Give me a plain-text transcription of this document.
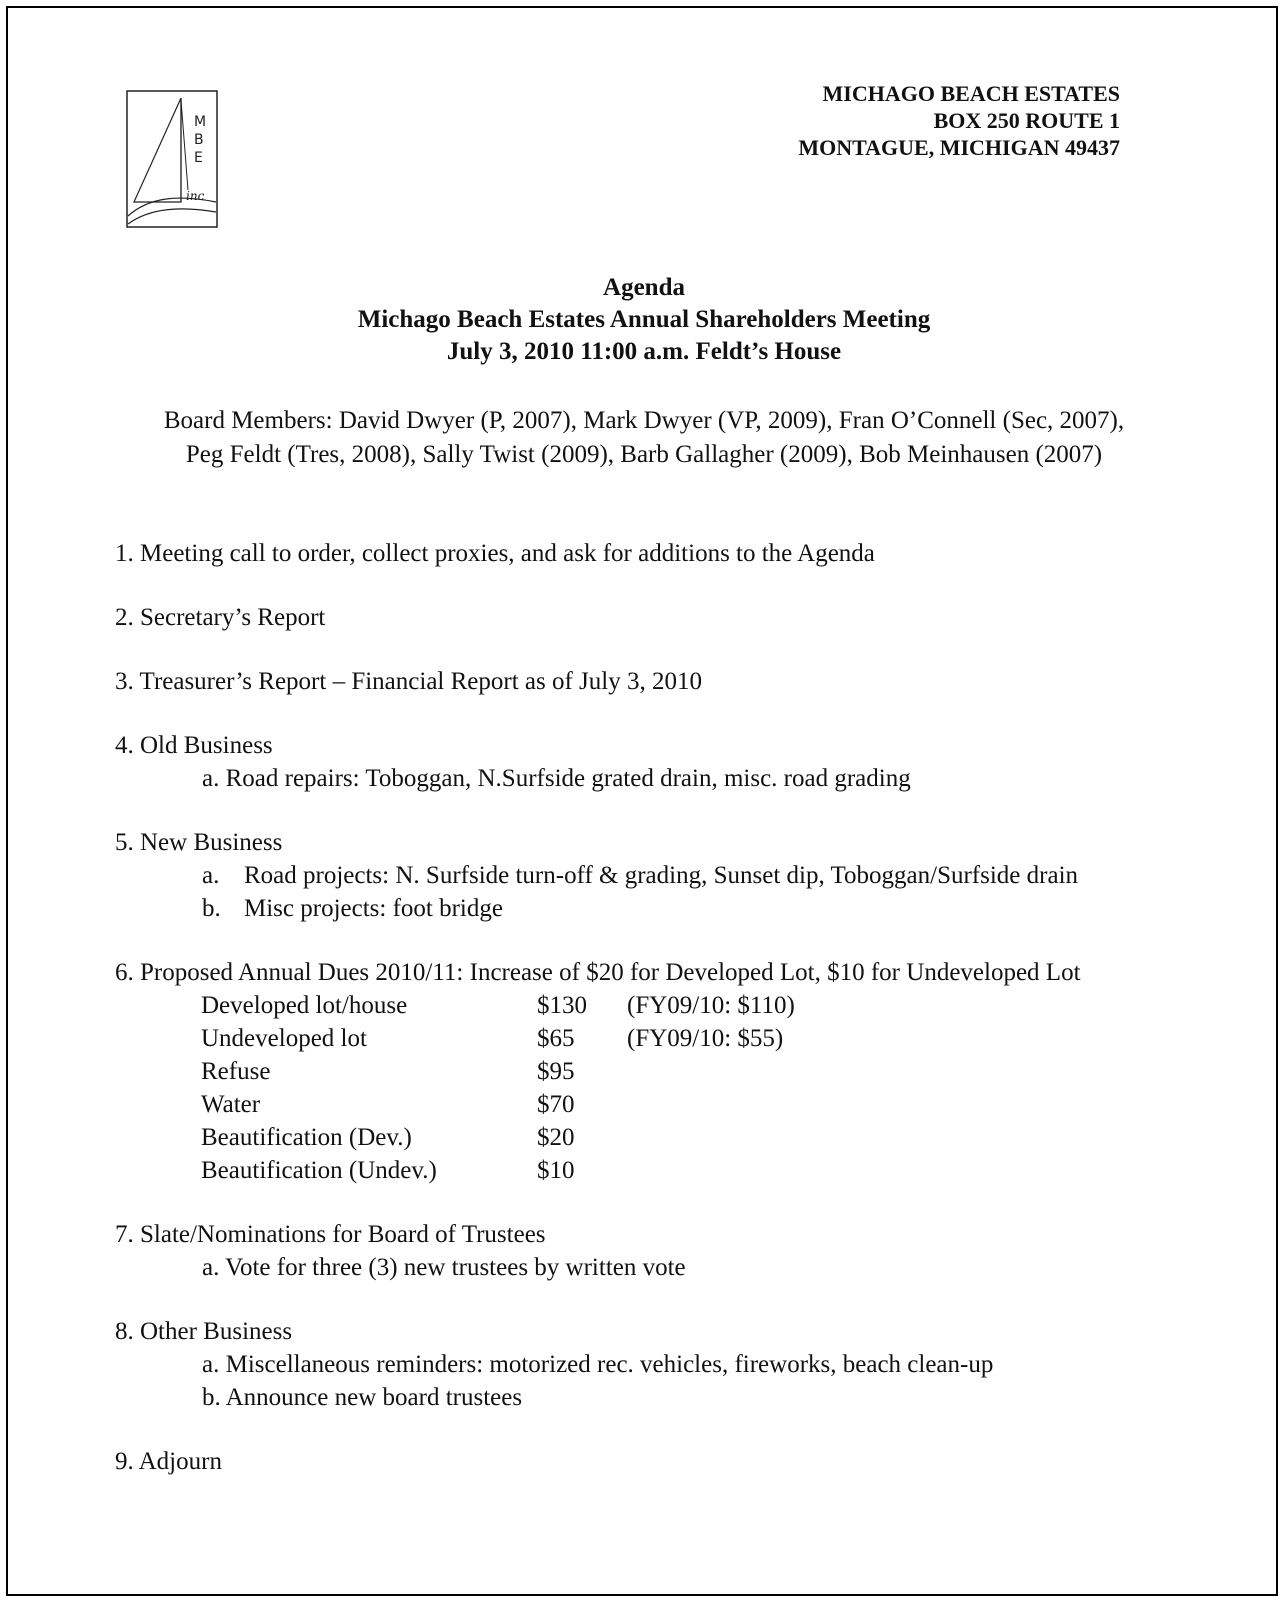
M
B
E
inc
MICHAGO BEACH ESTATES
BOX 250 ROUTE 1
MONTAGUE, MICHIGAN 49437
Agenda
Michago Beach Estates Annual Shareholders Meeting
July 3, 2010 11:00 a.m. Feldt’s House
Board Members: David Dwyer (P, 2007), Mark Dwyer (VP, 2009), Fran O’Connell (Sec, 2007),
Peg Feldt (Tres, 2008), Sally Twist (2009), Barb Gallagher (2009), Bob Meinhausen (2007)
1. Meeting call to order, collect proxies, and ask for additions to the Agenda
2. Secretary’s Report
3. Treasurer’s Report – Financial Report as of July 3, 2010
4. Old Business
a. Road repairs: Toboggan, N.Surfside grated drain, misc. road grading
5. New Business
a. Road projects: N. Surfside turn-off & grading, Sunset dip, Toboggan/Surfside drain
b. Misc projects: foot bridge
6. Proposed Annual Dues 2010/11: Increase of $20 for Developed Lot, $10 for Undeveloped Lot
Developed lot/house	$130	(FY09/10: $110)
Undeveloped lot	$65	(FY09/10: $55)
Refuse	$95
Water	$70
Beautification (Dev.)	$20
Beautification (Undev.)	$10
7. Slate/Nominations for Board of Trustees
a. Vote for three (3) new trustees by written vote
8. Other Business
a. Miscellaneous reminders: motorized rec. vehicles, fireworks, beach clean-up
b. Announce new board trustees
9. Adjourn
